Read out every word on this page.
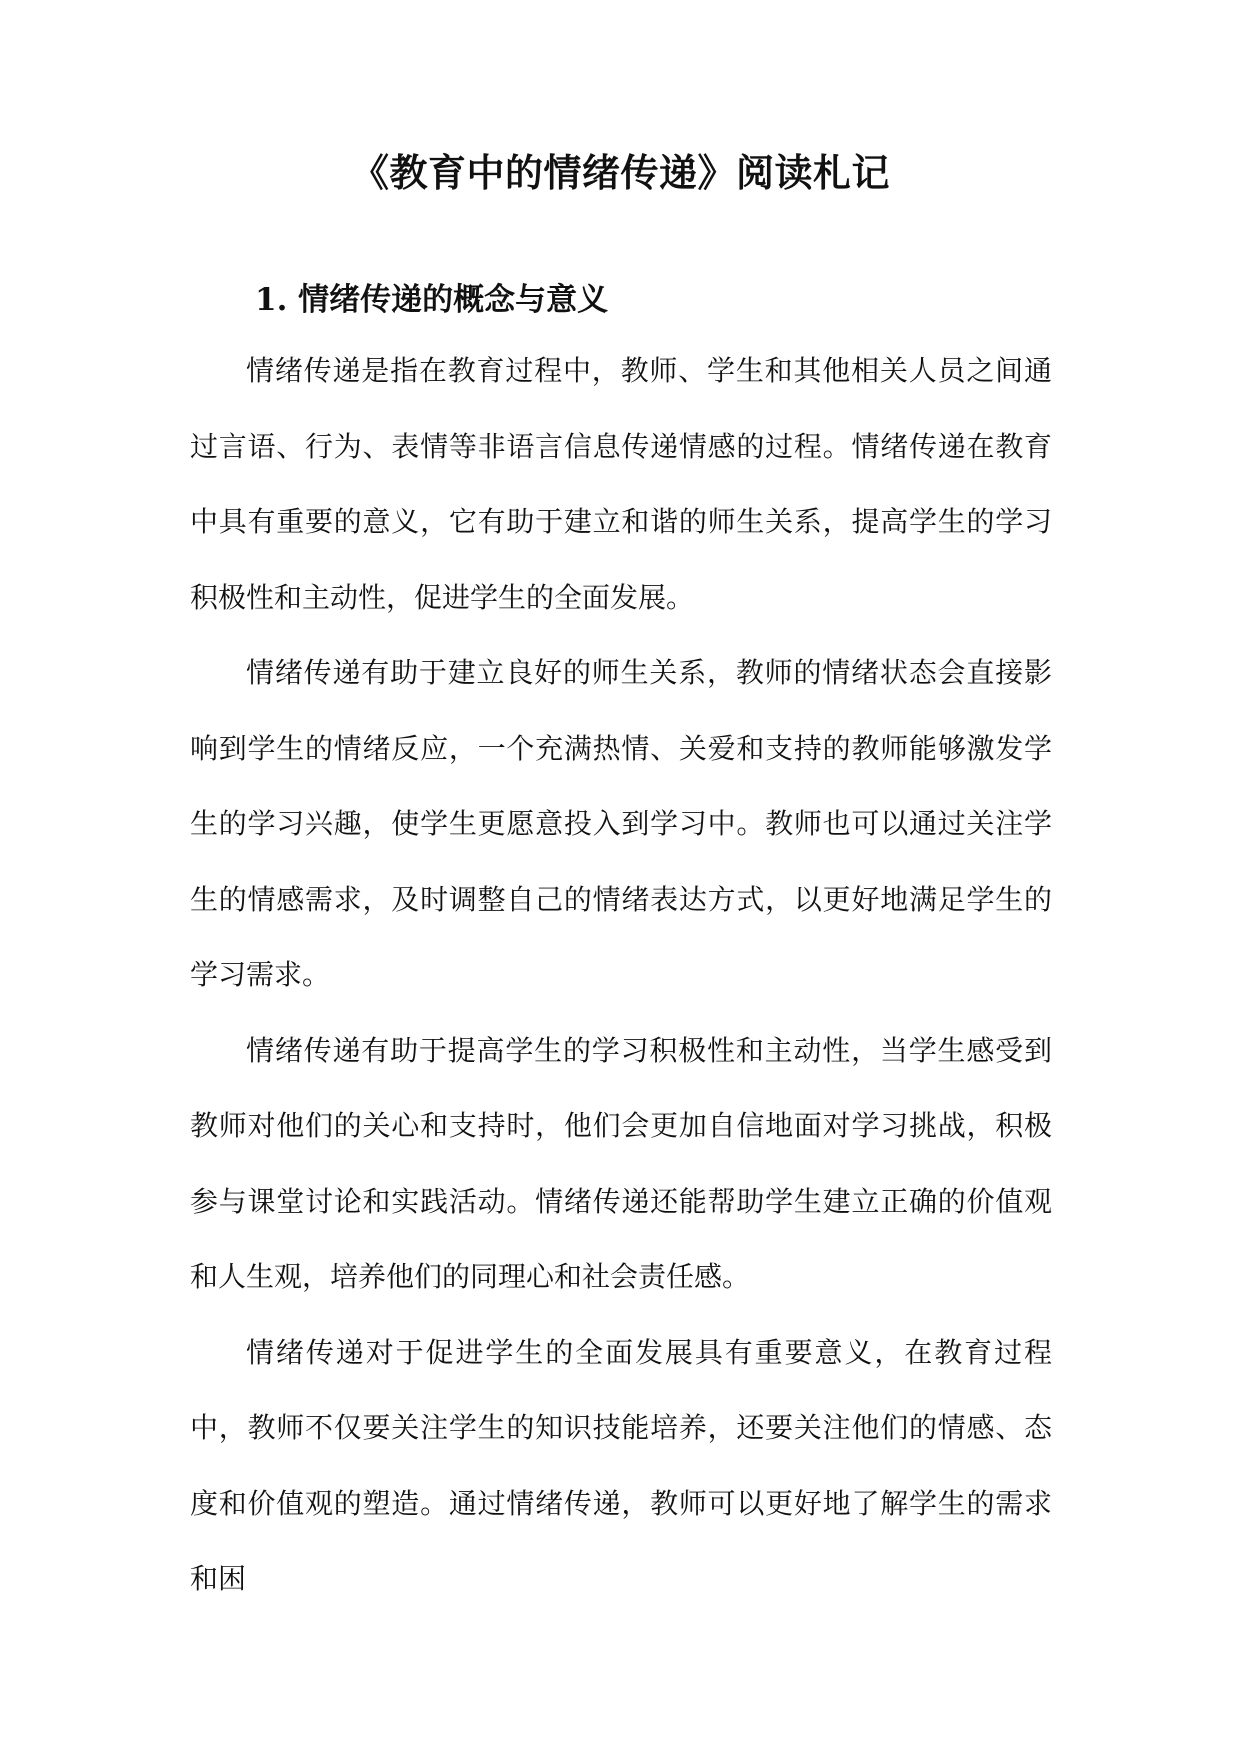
《教育中的情绪传递》阅读札记
1. 情绪传递的概念与意义

情绪传递是指在教育过程中，教师、学生和其他相关人员之间通过言语、行为、表情等非语言信息传递情感的过程。情绪传递在教育中具有重要的意义，它有助于建立和谐的师生关系，提高学生的学习积极性和主动性，促进学生的全面发展。

情绪传递有助于建立良好的师生关系，教师的情绪状态会直接影响到学生的情绪反应，一个充满热情、关爱和支持的教师能够激发学生的学习兴趣，使学生更愿意投入到学习中。教师也可以通过关注学生的情感需求，及时调整自己的情绪表达方式，以更好地满足学生的学习需求。

情绪传递有助于提高学生的学习积极性和主动性，当学生感受到教师对他们的关心和支持时，他们会更加自信地面对学习挑战，积极参与课堂讨论和实践活动。情绪传递还能帮助学生建立正确的价值观和人生观，培养他们的同理心和社会责任感。

情绪传递对于促进学生的全面发展具有重要意义，在教育过程中，教师不仅要关注学生的知识技能培养，还要关注他们的情感、态度和价值观的塑造。通过情绪传递，教师可以更好地了解学生的需求和困
